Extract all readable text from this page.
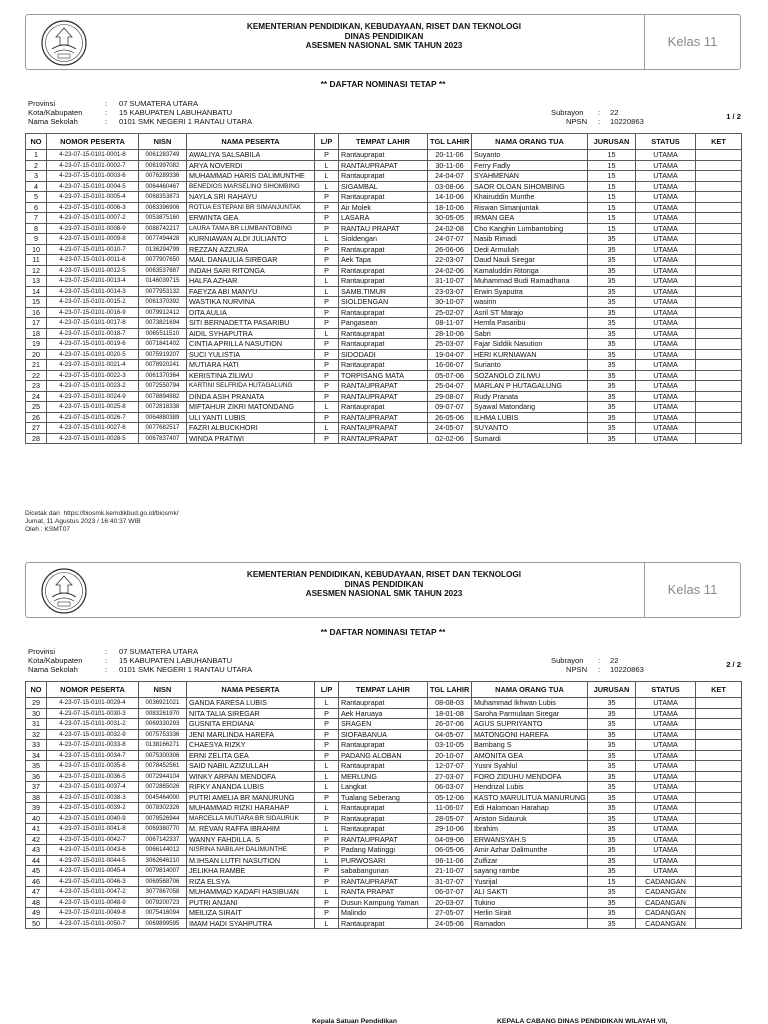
KEMENTERIAN PENDIDIKAN, KEBUDAYAAN, RISET DAN TEKNOLOGI
DINAS PENDIDIKAN
ASESMEN NASIONAL SMK TAHUN 2023	Kelas 11
** DAFTAR NOMINASI TETAP **
Provinsi	: 07 SUMATERA UTARA
Kota/Kabupaten	: 15 KABUPATEN LABUHANBATU
Nama Sekolah	: 0101 SMK NEGERI 1 RANTAU UTARA
Subrayon : 22
NPSN : 10220863
1 / 2
NO	NOMOR PESERTA	NISN	NAMA PESERTA	L/P	TEMPAT LAHIR	TGL LAHIR	NAMA ORANG TUA	JURUSAN	STATUS	KET
1	4-23-07-15-0101-0001-8	0061283749	AWALIYA SALSABILA	P	Rantauprapat	20-11-06	Suyanto	15	UTAMA	
2	4-23-07-15-0101-0002-7	0061997082	ARYA NOVERDI	L	RANTAUPRAPAT	30-11-06	Ferry Fadly	15	UTAMA	
3	4-23-07-15-0101-0003-6	0076289336	MUHAMMAD HARIS DALIMUNTHE	L	Rantauprapat	24-04-07	SYAHMENAN	15	UTAMA	
4	4-23-07-15-0101-0004-5	0064460467	BENEDIOS MARSELINO SIHOMBING	L	SIGAMBAL	03-08-06	SAOR OLOAN SIHOMBING	15	UTAMA	
5	4-23-07-15-0101-0005-4	0068353873	NAYLA SRI RAHAYU	P	Rantauprapat	14-10-06	Khairuddin Munthe	15	UTAMA	
6	4-23-07-15-0101-0006-3	0063396906	ROTUA ESTEPANI BR SIMANJUNTAK	P	Air Molek	18-10-06	Riswan Simanjuntak	15	UTAMA	
7	4-23-07-15-0101-0007-2	0053875160	ERWINTA GEA	P	LASARA	30-05-05	IRMAN GEA	15	UTAMA	
8	4-23-07-15-0101-0008-9	0088742217	LAURA TAMA BR LUMBANTOBING	P	RANTAU PRAPAT	24-02-08	Cho Kanghin Lumbantobing	15	UTAMA	
9	4-23-07-15-0101-0009-8	0077494428	KURNIAWAN ALDI JULIANTO	L	Sioldengan	24-07-07	Nasib Rimadi	35	UTAMA	
10	4-23-07-15-0101-0010-7	0136294799	REZZAN AZZURA	P	Rantauprapat	26-06-06	Dedi Armuliah	35	UTAMA	
11	4-23-07-15-0101-0011-6	0077907650	MAIL DANAULIA SIREGAR	P	Aek Tapa	22-03-07	Daud Nauli Siregar	35	UTAMA	
12	4-23-07-15-0101-0012-5	0063537687	INDAH SARI RITONGA	P	Rantauprapat	24-02-06	Kamaluddin Ritonga	35	UTAMA	
13	4-23-07-15-0101-0013-4	0146039715	HALFA AZHAR	L	Rantauprapat	31-10-07	Muhammad Budi Ramadhana	35	UTAMA	
14	4-23-07-15-0101-0014-3	0077953132	FAEYZA ABI MANYU	L	SAMB.TIMUR	23-03-07	Erwin Syaputra	35	UTAMA	
15	4-23-07-15-0101-0015-2	0061370392	WASTIKA NURVINA	P	SIOLDENGAN	30-10-07	wasirin	35	UTAMA	
16	4-23-07-15-0101-0016-9	0079912412	DITA AULIA	P	Rantauprapat	25-02-07	Asril ST Marajo	35	UTAMA	
17	4-23-07-15-0101-0017-8	0073821694	SITI BERNADETTA PASARIBU	P	Pangasean	08-11-07	Hemfa Pasaribu	35	UTAMA	
18	4-23-07-15-0101-0018-7	0065511510	AIDIL SYHAPUTRA	L	Rantauprapat	28-10-06	Sabri	35	UTAMA	
19	4-23-07-15-0101-0019-6	0071841402	CINTIA APRILLA NASUTION	P	Rantauprapat	25-03-07	Fajar Siddik Nasution	35	UTAMA	
20	4-23-07-15-0101-0020-5	0075919207	SUCI YULISTIA	P	SIDODADI	19-04-07	HERI KURNIAWAN	35	UTAMA	
21	4-23-07-15-0101-0021-4	0078920241	MUTIARA HATI	P	Rantauprapat	16-06-07	Surianto	35	UTAMA	
22	4-23-07-15-0101-0022-3	0061370364	KERISTINA ZILIWU	P	TORPISANG MATA	05-07-06	SOZANOLO ZILIWU	35	UTAMA	
23	4-23-07-15-0101-0023-2	0072550794	KARTINI SELFRIDA HUTAGALUNG	P	RANTAUPRAPAT	25-04-07	MARLAN P HUTAGALUNG	35	UTAMA	
24	4-23-07-15-0101-0024-9	0078894982	DINDA ASIH PRANATA	P	RANTAUPRAPAT	29-08-07	Rudy Pranata	35	UTAMA	
25	4-23-07-15-0101-0025-8	0072818338	MIFTAHUR ZIKRI MATONDANG	L	Rantauprapat	09-07-07	Syawal Matondang	35	UTAMA	
26	4-23-07-15-0101-0026-7	0064880389	ULI YANTI LUBIS	P	RANTAUPRAPAT	26-05-06	ILHMA LUBIS	35	UTAMA	
27	4-23-07-15-0101-0027-6	0077682517	FAZRI ALBUCKHORI	L	RANTAUPRAPAT	24-05-07	SUYANTO	35	UTAMA	
28	4-23-07-15-0101-0028-5	0067837407	WINDA PRATIWI	P	RANTAUPRAPAT	02-02-06	Sumardi	35	UTAMA	
Dicetak dari https://biosmk.kemdikbud.go.id/biosmk/
Jumat, 11 Agustus 2023 / 16:40:37 WIB
Oleh : KSMT07
KEMENTERIAN PENDIDIKAN, KEBUDAYAAN, RISET DAN TEKNOLOGI
DINAS PENDIDIKAN
ASESMEN NASIONAL SMK TAHUN 2023	Kelas 11
** DAFTAR NOMINASI TETAP **
Provinsi	: 07 SUMATERA UTARA
Kota/Kabupaten	: 15 KABUPATEN LABUHANBATU
Nama Sekolah	: 0101 SMK NEGERI 1 RANTAU UTARA
Subrayon : 22
NPSN : 10220863
2 / 2
NO	NOMOR PESERTA	NISN	NAMA PESERTA	L/P	TEMPAT LAHIR	TGL LAHIR	NAMA ORANG TUA	JURUSAN	STATUS	KET
29	4-23-07-15-0101-0029-4	0036921021	GANDA FARESA LUBIS	L	Rantauprapat	08-08-03	Muhammad Ikhwan Lubis	35	UTAMA	
30	4-23-07-15-0101-0030-3	0083261970	NITA TALIA SIREGAR	P	Aek Haruaya	18-01-08	Saroha Parmulaan Siregar	35	UTAMA	
31	4-23-07-15-0101-0031-2	0069330293	GUSNITA ERDIANA	P	SRAGEN	26-07-06	AGUS SUPRIYANTO	35	UTAMA	
32	4-23-07-15-0101-0032-9	0075753336	JENI MARLINDA HAREFA	P	SIOFABANUA	04-05-07	MATONGONI HAREFA	35	UTAMA	
33	4-23-07-15-0101-0033-8	0138166271	CHAESYA RIZKY	P	Rantauprapat	03-10-05	Bambang S	35	UTAMA	
34	4-23-07-15-0101-0034-7	0075300306	ERNI ZELITA GEA	P	PADANG ALOBAN	20-10-07	AMONITA GEA	35	UTAMA	
35	4-23-07-15-0101-0035-6	0078452561	SAID NABIL AZIZULLAH	L	Rantauprapat	12-07-07	Yusni Syahlul	35	UTAMA	
36	4-23-07-15-0101-0036-5	0072944104	WINKY ARPAN MENDOFA	L	MERLUNG	27-03-07	FORO ZIDUHU MENDOFA	35	UTAMA	
37	4-23-07-15-0101-0037-4	0072865026	RIFKY ANANDA LUBIS	L	Langkat	06-03-07	Hendrizal Lubis	35	UTAMA	
38	4-23-07-15-0101-0038-3	0045464000	PUTRI AMELIA BR MANURUNG	P	Tualang Seberang	05-12-06	KASTO MARULITUA MANURUNG	35	UTAMA	
39	4-23-07-15-0101-0039-2	0078302326	MUHAMMAD RIZKI HARAHAP	L	Rantauprapat	11-06-07	Edi Halomoan Harahap	35	UTAMA	
40	4-23-07-15-0101-0040-9	0078526944	MARCELLA MUTIARA BR SIDAURUK	P	Rantauprapat	28-05-07	Ariston Sidauruk	35	UTAMA	
41	4-23-07-15-0101-0041-8	0069380770	M. REVAN RAFFA IBRAHIM	L	Rantauprapat	29-10-06	Ibrahim	35	UTAMA	
42	4-23-07-15-0101-0042-7	0067142337	WANNY FAHDILLA. S	P	RANTAUPRAPAT	04-09-06	ERWANSYAH.S	35	UTAMA	
43	4-23-07-15-0101-0043-6	0066144012	NISRINA NABILAH DALIMUNTHE	P	Padang Matinggi	06-05-06	Amir Azhar Dalimunthe	35	UTAMA	
44	4-23-07-15-0101-0044-5	3062646210	M.IHSAN LUTFI NASUTION	L	PURWOSARI	06-11-06	Zulfizar	35	UTAMA	
45	4-23-07-15-0101-0045-4	0079814007	JELIKHA RAMBE	P	sababangunan	21-10-07	sayang rambe	35	UTAMA	
46	4-23-07-15-0101-0046-3	0069568706	RIZA ELSYA	P	RANTAUPRAPAT	31-07-07	Yusrijal	15	CADANGAN	
47	4-23-07-15-0101-0047-2	3077867058	MUHAMMAD KADAFI HASIBUAN	L	RANTA PRAPAT	06-07-07	ALI SAKTI	35	CADANGAN	
48	4-23-07-15-0101-0048-9	0079200723	PUTRI ANJANI	P	Dusun Kampung Yaman	20-03-07	Tukino	35	CADANGAN	
49	4-23-07-15-0101-0049-8	0075416094	MEILIZA SIRAIT	P	Malindo	27-05-07	Herlin Sirait	35	CADANGAN	
50	4-23-07-15-0101-0050-7	0069899595	IMAM HADI SYAHPUTRA	L	Rantauprapat	24-05-06	Ramadon	35	CADANGAN	
Kepala Satuan Pendidikan	KEPALA CABANG DINAS PENDIDIKAN WILAYAH VII,
